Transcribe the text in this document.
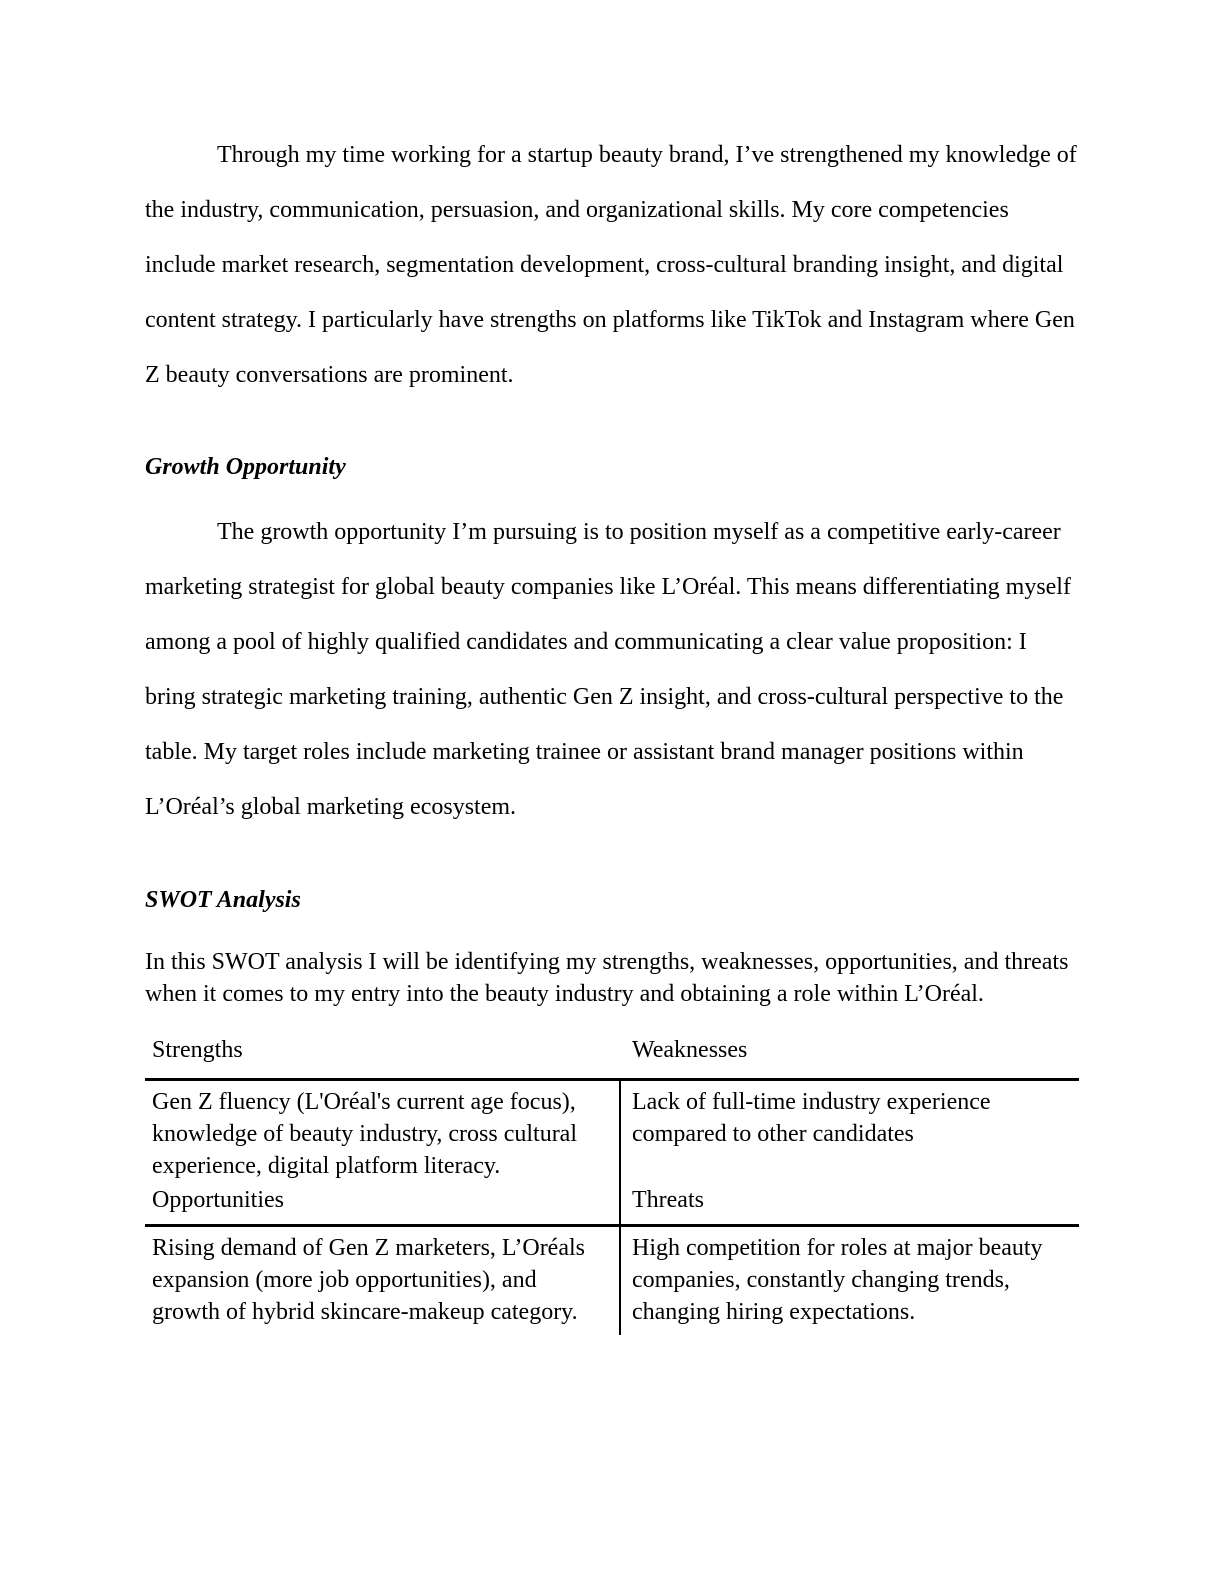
Through my time working for a startup beauty brand, I’ve strengthened my knowledge of the industry, communication, persuasion, and organizational skills. My core competencies include market research, segmentation development, cross-cultural branding insight, and digital content strategy. I particularly have strengths on platforms like TikTok and Instagram where Gen Z beauty conversations are prominent.

Growth Opportunity

The growth opportunity I’m pursuing is to position myself as a competitive early-career marketing strategist for global beauty companies like L’Oréal. This means differentiating myself among a pool of highly qualified candidates and communicating a clear value proposition: I bring strategic marketing training, authentic Gen Z insight, and cross-cultural perspective to the table. My target roles include marketing trainee or assistant brand manager positions within L’Oréal’s global marketing ecosystem.

SWOT Analysis

In this SWOT analysis I will be identifying my strengths, weaknesses, opportunities, and threats when it comes to my entry into the beauty industry and obtaining a role within L’Oréal.

Strengths	Weaknesses
Gen Z fluency (L'Oréal's current age focus), knowledge of beauty industry, cross cultural experience, digital platform literacy.
Lack of full-time industry experience compared to other candidates
Opportunities	Threats
Rising demand of Gen Z marketers, L’Oréals expansion (more job opportunities), and growth of hybrid skincare-makeup category.
High competition for roles at major beauty companies, constantly changing trends, changing hiring expectations.
